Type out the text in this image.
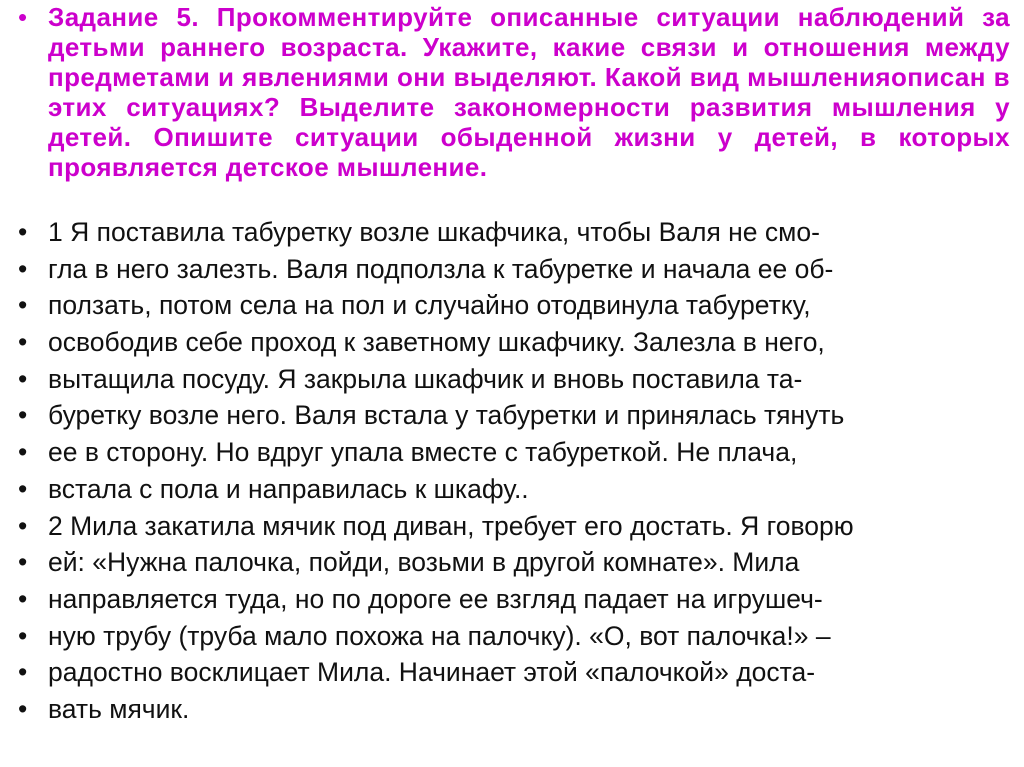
• Задание 5. Прокомментируйте описанные ситуации наблюдений за детьми раннего возраста. Укажите, какие связи и отношения между предметами и явлениями они выделяют. Какой вид мышленияописан в этих ситуациях? Выделите закономерности развития мышления у детей. Опишите ситуации обыденной жизни у детей, в которых проявляется детское мышление.
• 1 Я поставила табуретку возле шкафчика, чтобы Валя не смо-
• гла в него залезть. Валя подползла к табуретке и начала ее об-
• ползать, потом села на пол и случайно отодвинула табуретку,
• освободив себе проход к заветному шкафчику. Залезла в него,
• вытащила посуду. Я закрыла шкафчик и вновь поставила та-
• буретку возле него. Валя встала у табуретки и принялась тянуть
• ее в сторону. Но вдруг упала вместе с табуреткой. Не плача,
• встала с пола и направилась к шкафу..
• 2 Мила закатила мячик под диван, требует его достать. Я говорю
• ей: «Нужна палочка, пойди, возьми в другой комнате». Мила
• направляется туда, но по дороге ее взгляд падает на игрушеч-
• ную трубу (труба мало похожа на палочку). «О, вот палочка!» –
• радостно восклицает Мила. Начинает этой «палочкой» доста-
• вать мячик.
